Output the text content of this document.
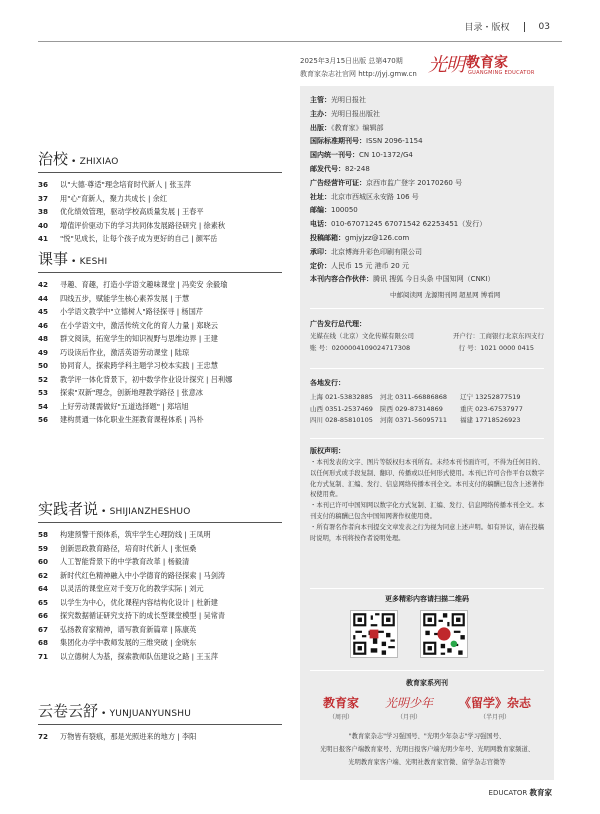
目录・版权	03
2025年3月15日出版 总第470期
教育家杂志社官网 http://jyj.gmw.cn 光明 教育家
GUANGMING EDUCATOR
治校 • ZHIXIAO
36	以"大德·尊适"理念培育时代新人 | 张玉萍
37	用"心"育新人，聚力共成长 | 余红
38	优化绩效管理，驱动学校高质量发展 | 王春平
40	增值评价驱动下的学习共同体发展路径研究 | 徐素秋
41	"悦"见成长，让每个孩子成为更好的自己 | 颜军岳
课事 • KESHI
42	寻趣、育趣，打造小学语文趣味课堂 | 冯奕安 余毅瑜
44	四线五步，赋能学生核心素养发展 | 于慧
45	小学语文教学中"立德树人"路径探寻 | 杨国芹
46	在小学语文中，激活传统文化的育人力量 | 郑晓云
48	群文阅读，拓宽学生的知识视野与思维边界 | 王建
49	巧设读后作业，激活英语劳动课堂 | 陆琼
50	协同育人，探索跨学科主题学习校本实践 | 王忠慧
52	教学评一体化背景下，初中数学作业设计探究 | 吕利娜
53	探索"双新"理念，创新地理教学路径 | 张意冰
54	上好劳动课需做好"五道选择题" | 郑培旭
56	建构贯通一体化职业生涯教育课程体系 | 冯朴
实践者说 • SHIJIANZHESHUO
58	构建预警干预体系，筑牢学生心理防线 | 王凤明
59	创新思政教育路径，培育时代新人 | 张恒桑
60	人工智能背景下的中学教育改革 | 杨毅清
62	新时代红色精神融入中小学德育的路径探索 | 马剑涛
64	以灵活的课堂应对千变万化的教学实际 | 刘元
65	以学生为中心，优化课程内容结构化设计 | 杜新建
66	探究数据循证研究支持下的成长型课堂模型 | 吴常青
67	弘扬教育家精神，谱写教育新篇章 | 陈康英
68	集团化办学中教师发展的三维突破 | 金晓东
71	以立德树人为基，探索教师队伍建设之路 | 王玉萍
云卷云舒 • YUNJUANYUNSHU
72	万物皆有裂痕，那是光照进来的地方 | 李阳
主管：光明日报社
主办：光明日报出版社
出版：《教育家》编辑部
国际标准期刊号：ISSN 2096-1154
国内统一刊号：CN 10-1372/G4
邮发代号：82-248
广告经营许可证：京西市监广登字 20170260 号
社址：北京市西城区永安路 106 号
邮编：100050
电话：010-67071245 67071542 62253451（发行）
投稿邮箱：gmjyjzz@126.com
承印：北京博海升彩色印刷有限公司
定价：人民币 15 元 港币 20 元
本刊内容合作伙伴：腾讯 搜狐 今日头条 中国知网（CNKI）
中邮阅读网 龙源期刊网 超星网 博看网
广告发行总代理：
光媒在线（北京）文化传媒有限公司	开户行：工商银行北京东四支行
账 号：0200004109024717308	行 号：1021 0000 0415
各地发行：
上海 021-53832885	河北 0311-66886868	辽宁 13252877519
山西 0351-2537469	陕西 029-87314869	重庆 023-67537977
四川 028-85810105	河南 0371-56095711	福建 17718526923
版权声明：
・本刊发表的文字、图片等版权归本刊所有。未经本刊书面许可，不得为任何目的、以任何形式或手段复制、翻印、传播或以任何形式使用。本刊已许可合作平台以数字化方式复制、汇编、发行、信息网络传播本刊全文。本刊支付的稿酬已包含上述著作权使用费。
・本刊已许可中国知网以数字化方式复制、汇编、发行、信息网络传播本刊全文。本刊支付的稿酬已包含中国知网著作权使用费。
・所有署名作者向本刊提交文章发表之行为视为同意上述声明。如有异议，请在投稿时说明，本刊将按作者说明处理。
更多精彩内容请扫描二维码
教育家系列刊
教育家
（周刊）
光明少年
（月刊）
《留学》杂志
（半月刊）
"教育家杂志"学习强国号、"光明少年杂志"学习强国号、
光明日报客户端教育家号、光明日报客户端光明少年号、光明网教育家频道、
光明教育家客户端、光明社教育家官微、留学杂志官微等
EDUCATOR 教育家
